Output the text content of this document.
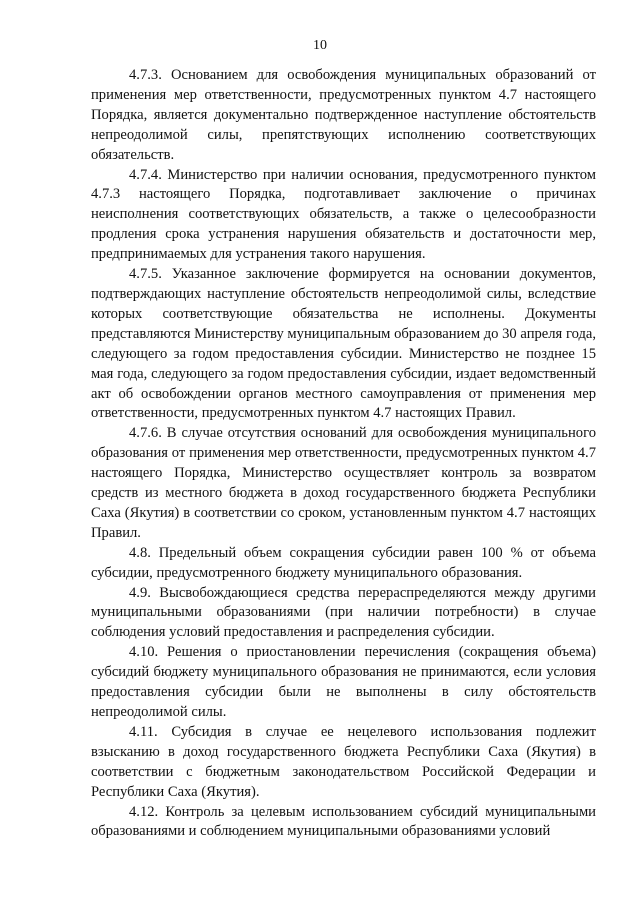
10

4.7.3. Основанием для освобождения муниципальных образований от применения мер ответственности, предусмотренных пунктом 4.7 настоящего Порядка, является документально подтвержденное наступление обстоятельств непреодолимой силы, препятствующих исполнению соответствующих обязательств.

4.7.4. Министерство при наличии основания, предусмотренного пунктом 4.7.3 настоящего Порядка, подготавливает заключение о причинах неисполнения соответствующих обязательств, а также о целесообразности продления срока устранения нарушения обязательств и достаточности мер, предпринимаемых для устранения такого нарушения.

4.7.5. Указанное заключение формируется на основании документов, подтверждающих наступление обстоятельств непреодолимой силы, вследствие которых соответствующие обязательства не исполнены. Документы представляются Министерству муниципальным образованием до 30 апреля года, следующего за годом предоставления субсидии. Министерство не позднее 15 мая года, следующего за годом предоставления субсидии, издает ведомственный акт об освобождении органов местного самоуправления от применения мер ответственности, предусмотренных пунктом 4.7 настоящих Правил.

4.7.6. В случае отсутствия оснований для освобождения муниципального образования от применения мер ответственности, предусмотренных пунктом 4.7 настоящего Порядка, Министерство осуществляет контроль за возвратом средств из местного бюджета в доход государственного бюджета Республики Саха (Якутия) в соответствии со сроком, установленным пунктом 4.7 настоящих Правил.

4.8. Предельный объем сокращения субсидии равен 100 % от объема субсидии, предусмотренного бюджету муниципального образования.

4.9. Высвобождающиеся средства перераспределяются между другими муниципальными образованиями (при наличии потребности) в случае соблюдения условий предоставления и распределения субсидии.

4.10. Решения о приостановлении перечисления (сокращения объема) субсидий бюджету муниципального образования не принимаются, если условия предоставления субсидии были не выполнены в силу обстоятельств непреодолимой силы.

4.11. Субсидия в случае ее нецелевого использования подлежит взысканию в доход государственного бюджета Республики Саха (Якутия) в соответствии с бюджетным законодательством Российской Федерации и Республики Саха (Якутия).

4.12. Контроль за целевым использованием субсидий муниципальными образованиями и соблюдением муниципальными образованиями условий
